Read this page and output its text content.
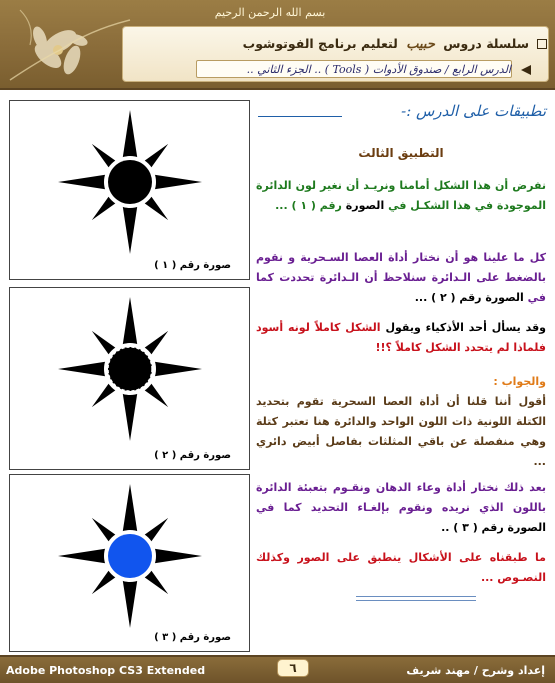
بسم الله الرحمن الرحيم
سلسلة دروس حبيب لتعليم برنامج الفوتوشوب
الدرس الرابع / صندوق الأدوات ( Tools ) .. الجزء الثاني ..
صورة رقم ( ١ )
صورة رقم ( ٢ )
صورة رقم ( ٣ )
تطبيقات على الدرس :-
التطبيق الثالث
نفرض أن هذا الشكل أمامنا ونريـد أن نغير لون الدائرة الموجودة في هذا الشكـل في الصورة رقم ( ١ ) ...
كل ما علينا هو أن نختار أداة العصا السـحرية و نقوم بالضغط على الـدائرة سنلاحظ أن الـدائرة تحددت كما في الصورة رقم ( ٢ ) ...
وقد يسأل أحد الأذكياء ويقول الشكل كاملاً لونه أسود فلماذا لم يتحدد الشكل كاملاً ؟!!
والجواب :
أقول أننا قلنا أن أداة العصا السحرية تقوم بتحديد الكتلة اللونية ذات اللون الواحد والدائرة هنا تعتبر كتلة وهي منفصلة عن باقي المثلثات بفاصل أبيض دائري ...
بعد ذلك نختار أداة وعاء الدهان ونقـوم بتعبئة الدائرة باللون الذي نريده ونقوم بإلغـاء التحديد كما في الصورة رقم ( ٣ ) ..
ما طبقناه على الأشكال ينطبق على الصور وكذلك النصـوص ...
Adobe Photoshop CS3 Extended	٦	إعداد وشرح / مهند شريف
